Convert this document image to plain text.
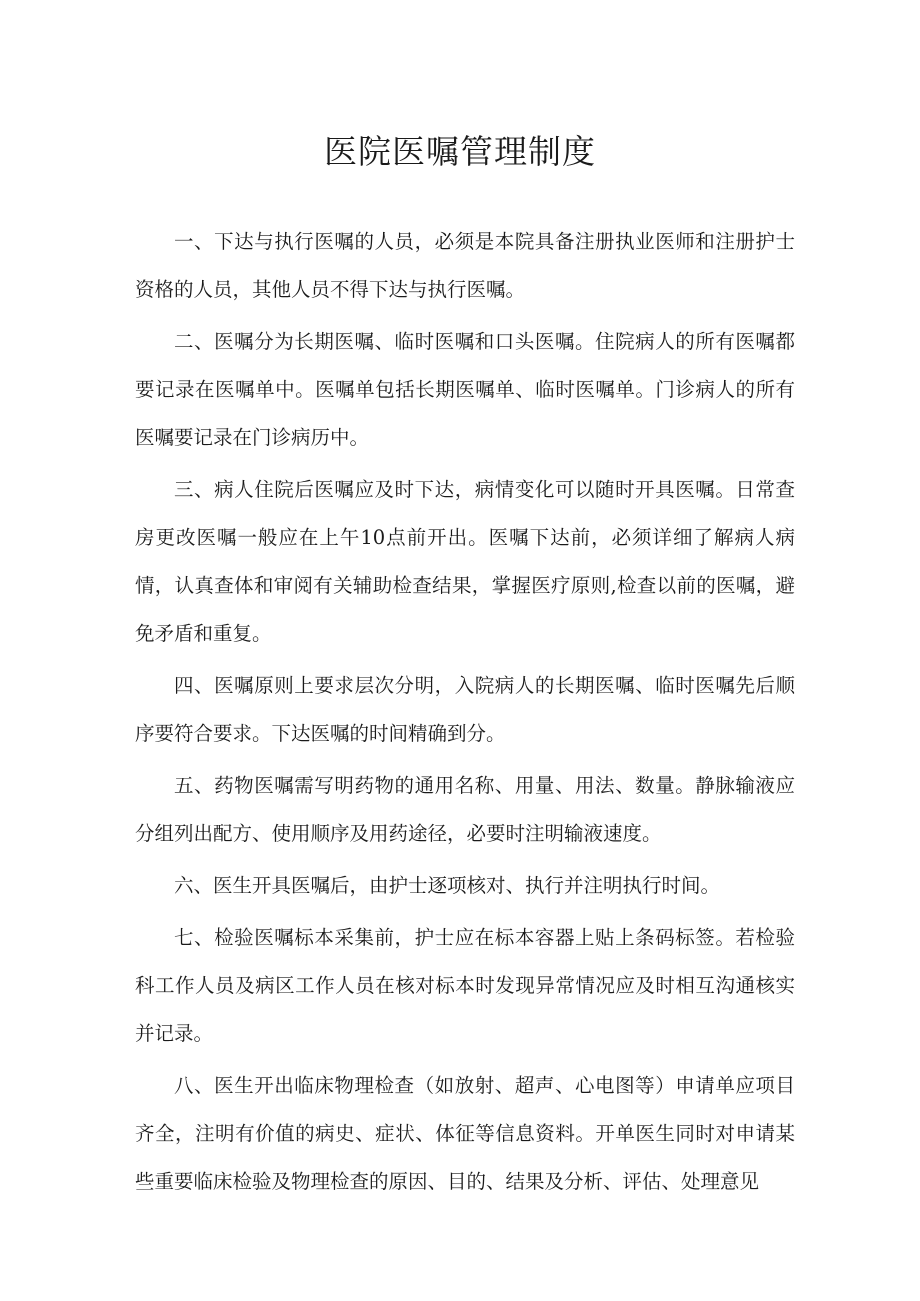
医院医嘱管理制度

一、下达与执行医嘱的人员，必须是本院具备注册执业医师和注册护士资格的人员，其他人员不得下达与执行医嘱。

二、医嘱分为长期医嘱、临时医嘱和口头医嘱。住院病人的所有医嘱都要记录在医嘱单中。医嘱单包括长期医嘱单、临时医嘱单。门诊病人的所有医嘱要记录在门诊病历中。

三、病人住院后医嘱应及时下达，病情变化可以随时开具医嘱。日常查房更改医嘱一般应在上午10点前开出。医嘱下达前，必须详细了解病人病情，认真查体和审阅有关辅助检查结果，掌握医疗原则,检查以前的医嘱，避免矛盾和重复。

四、医嘱原则上要求层次分明，入院病人的长期医嘱、临时医嘱先后顺序要符合要求。下达医嘱的时间精确到分。

五、药物医嘱需写明药物的通用名称、用量、用法、数量。静脉输液应分组列出配方、使用顺序及用药途径，必要时注明输液速度。

六、医生开具医嘱后，由护士逐项核对、执行并注明执行时间。

七、检验医嘱标本采集前，护士应在标本容器上贴上条码标签。若检验科工作人员及病区工作人员在核对标本时发现异常情况应及时相互沟通核实并记录。

八、医生开出临床物理检查（如放射、超声、心电图等）申请单应项目齐全，注明有价值的病史、症状、体征等信息资料。开单医生同时对申请某些重要临床检验及物理检查的原因、目的、结果及分析、评估、处理意见
